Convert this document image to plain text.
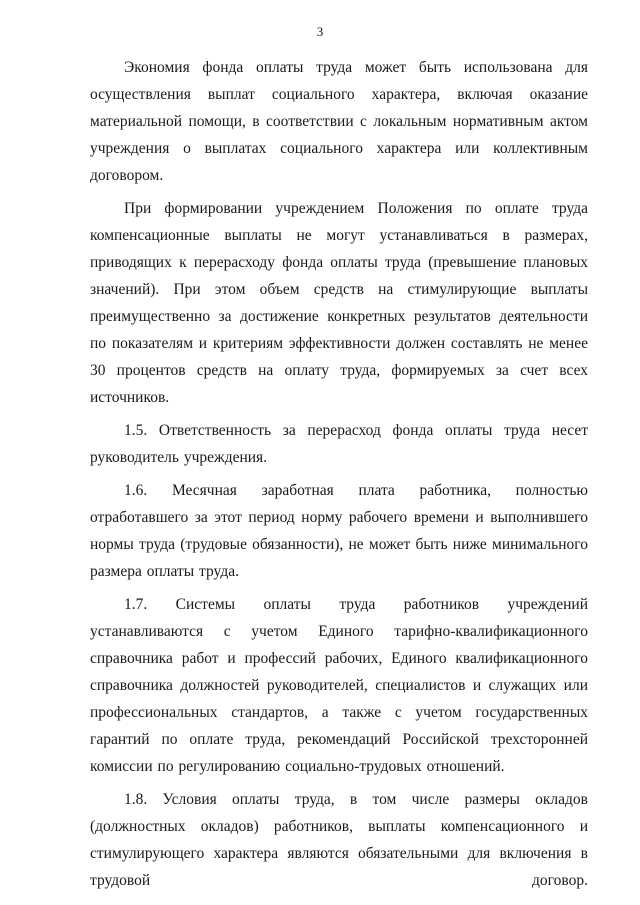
3

Экономия фонда оплаты труда может быть использована для осуществления выплат социального характера, включая оказание материальной помощи, в соответствии с локальным нормативным актом учреждения о выплатах социального характера или коллективным договором.

При формировании учреждением Положения по оплате труда компенсационные выплаты не могут устанавливаться в размерах, приводящих к перерасходу фонда оплаты труда (превышение плановых значений). При этом объем средств на стимулирующие выплаты преимущественно за достижение конкретных результатов деятельности по показателям и критериям эффективности должен составлять не менее 30 процентов средств на оплату труда, формируемых за счет всех источников.

1.5. Ответственность за перерасход фонда оплаты труда несет руководитель учреждения.

1.6. Месячная заработная плата работника, полностью отработавшего за этот период норму рабочего времени и выполнившего нормы труда (трудовые обязанности), не может быть ниже минимального размера оплаты труда.

1.7. Системы оплаты труда работников учреждений устанавливаются с учетом Единого тарифно-квалификационного справочника работ и профессий рабочих, Единого квалификационного справочника должностей руководителей, специалистов и служащих или профессиональных стандартов, а также с учетом государственных гарантий по оплате труда, рекомендаций Российской трехсторонней комиссии по регулированию социально-трудовых отношений.

1.8. Условия оплаты труда, в том числе размеры окладов (должностных окладов) работников, выплаты компенсационного и стимулирующего характера являются обязательными для включения в трудовой договор.
